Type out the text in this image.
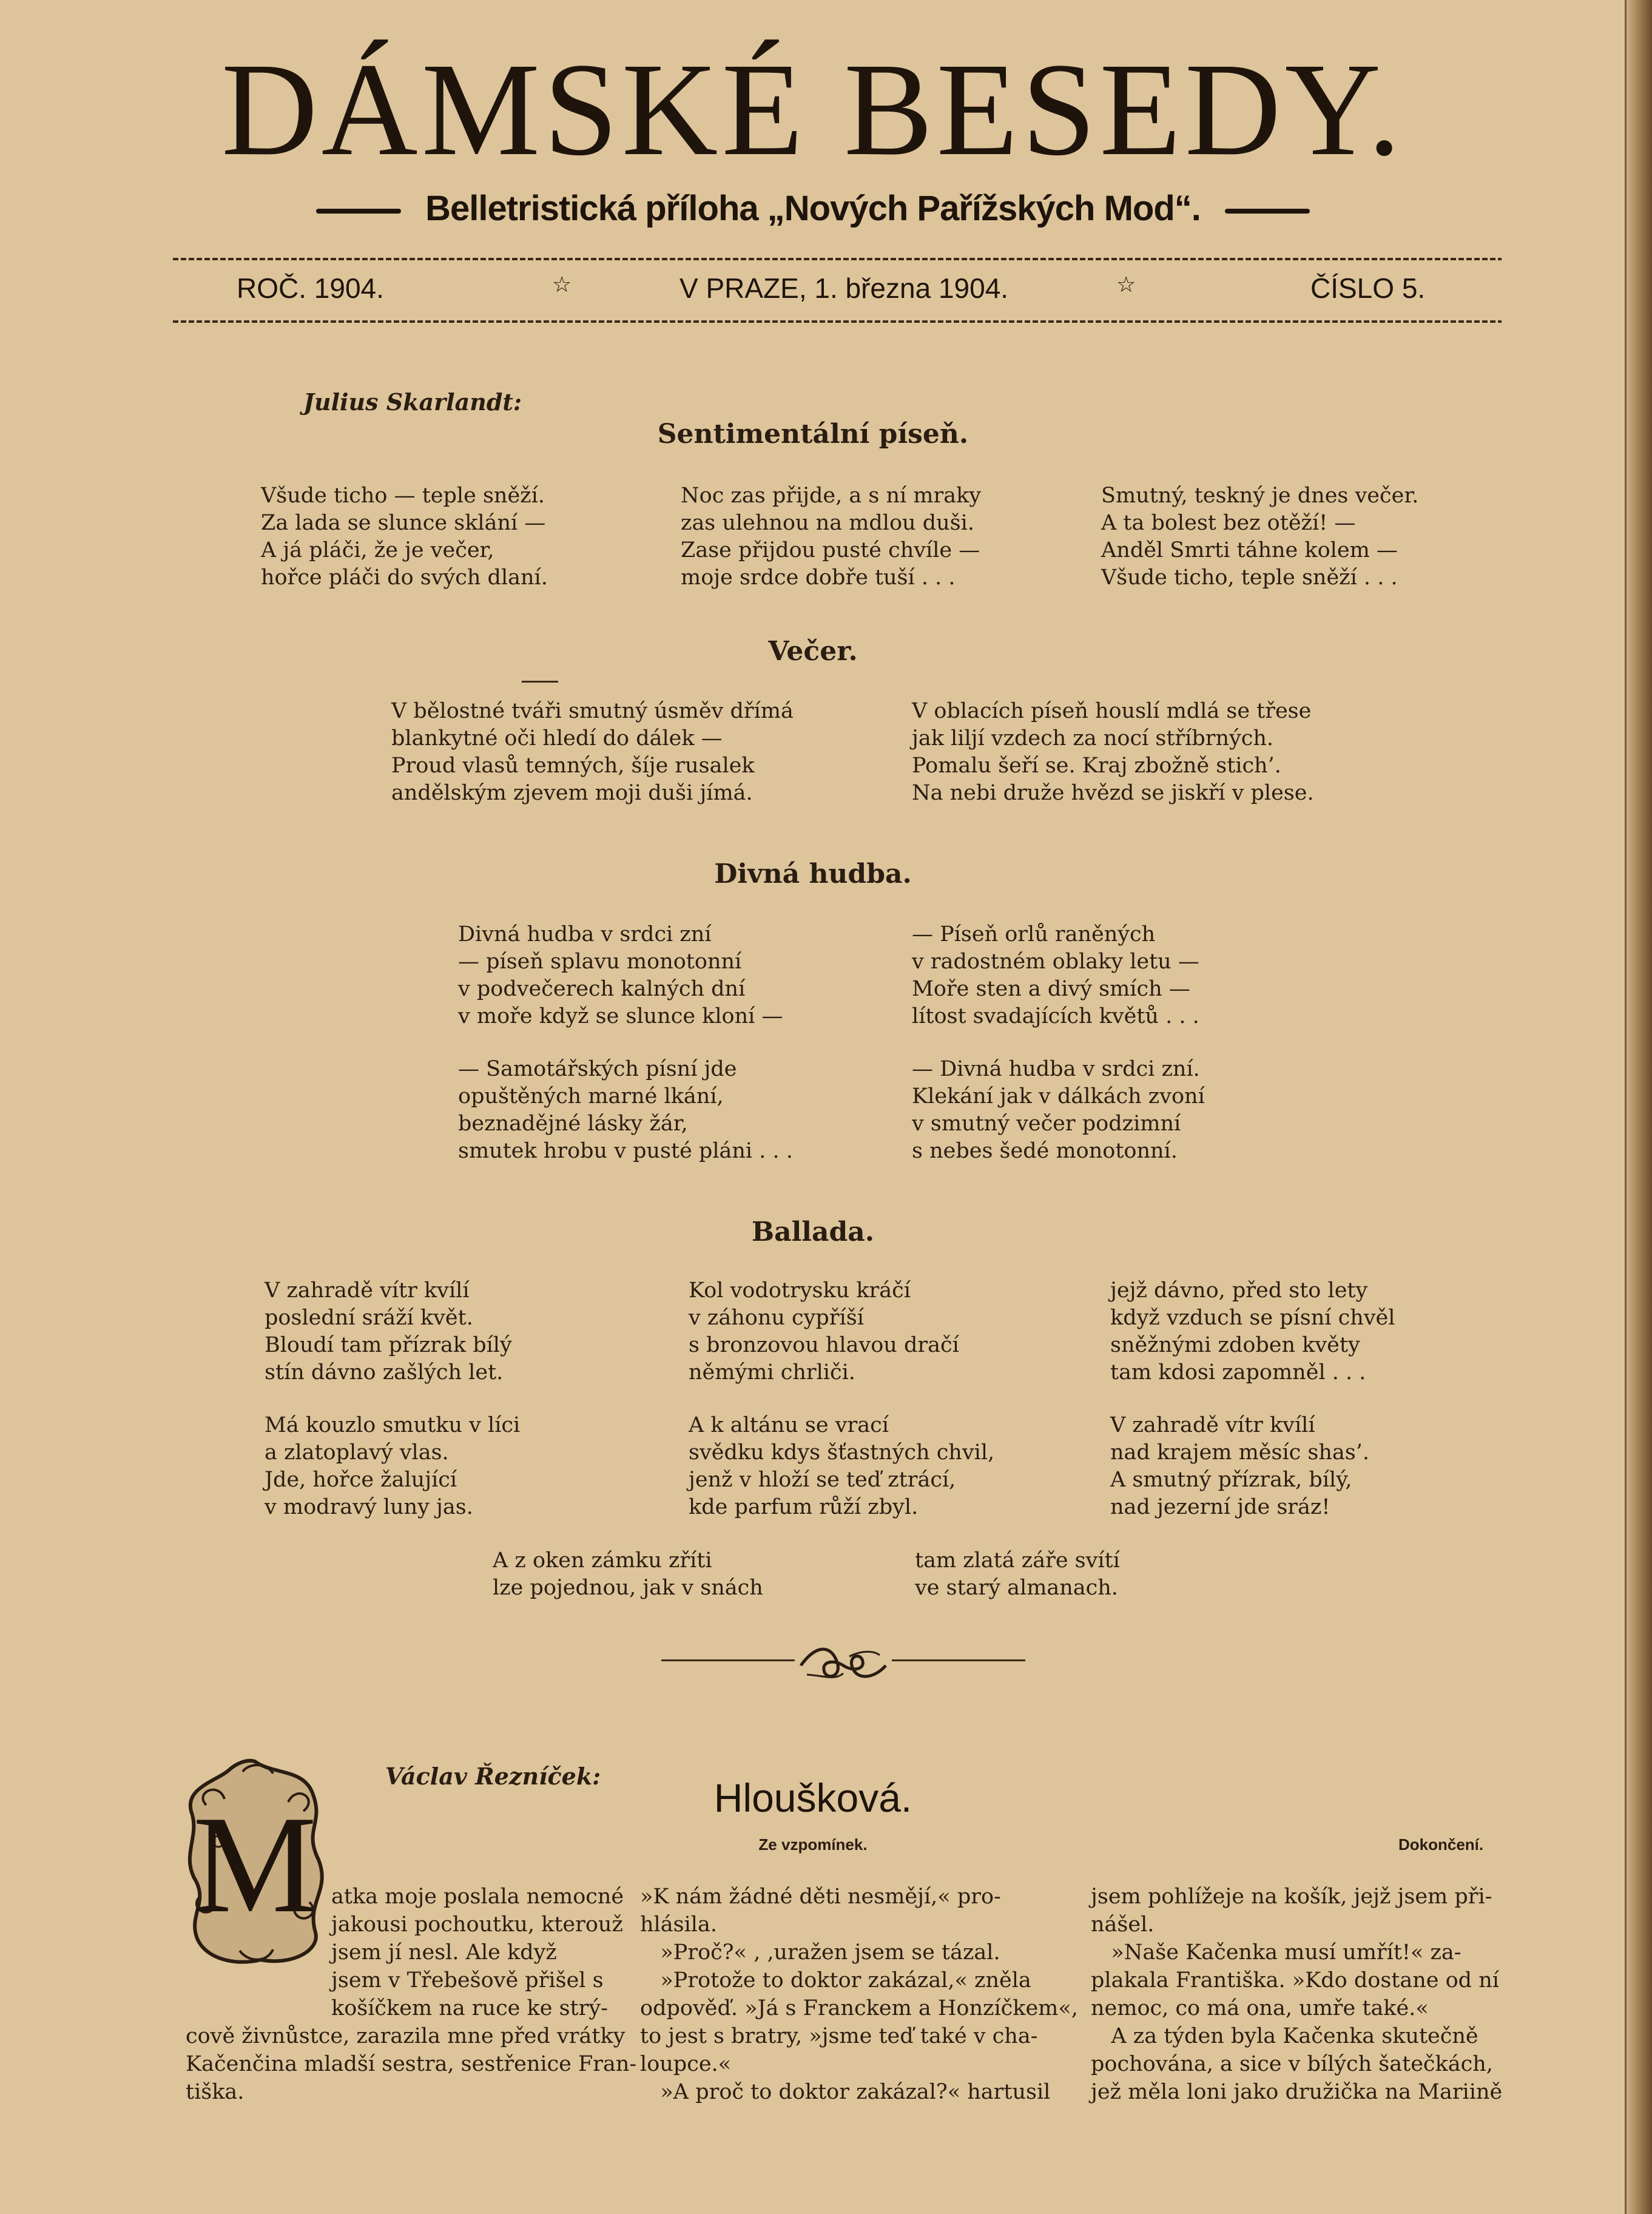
DÁMSKÉ BESEDY.
Belletristická příloha „Nových Pařížských Mod“.
ROČ. 1904.	☆	V PRAZE, 1. března 1904.	☆	ČÍSLO 5.
Julius Skarlandt:
Sentimentální píseň.
Všude ticho — teple sněží.
Za lada se slunce sklání —
A já pláči, že je večer,
hořce pláči do svých dlaní.
Noc zas přijde, a s ní mraky
zas ulehnou na mdlou duši.
Zase přijdou pusté chvíle —
moje srdce dobře tuší . . .
Smutný, teskný je dnes večer.
A ta bolest bez otěží! —
Anděl Smrti táhne kolem —
Všude ticho, teple sněží . . .
Večer.
V bělostné tváři smutný úsměv dřímá
blankytné oči hledí do dálek —
Proud vlasů temných, šíje rusalek
andělským zjevem moji duši jímá.
V oblacích píseň houslí mdlá se třese
jak liljí vzdech za nocí stříbrných.
Pomalu šeří se. Kraj zbožně stich’.
Na nebi druže hvězd se jiskří v plese.
Divná hudba.
Divná hudba v srdci zní
— píseň splavu monotonní
v podvečerech kalných dní
v moře když se slunce kloní —
— Píseň orlů raněných
v radostném oblaky letu —
Moře sten a divý smích —
lítost svadajících květů . . .
— Samotářských písní jde
opuštěných marné lkání,
beznadějné lásky žár,
smutek hrobu v pusté pláni . . .
— Divná hudba v srdci zní.
Klekání jak v dálkách zvoní
v smutný večer podzimní
s nebes šedé monotonní.
Ballada.
V zahradě vítr kvílí
poslední sráží květ.
Bloudí tam přízrak bílý
stín dávno zašlých let.
Kol vodotrysku kráčí
v záhonu cypříší
s bronzovou hlavou dračí
němými chrliči.
jejž dávno, před sto lety
když vzduch se písní chvěl
sněžnými zdoben květy
tam kdosi zapomněl . . .
Má kouzlo smutku v líci
a zlatoplavý vlas.
Jde, hořce žalující
v modravý luny jas.
A k altánu se vrací
svědku kdys šťastných chvil,
jenž v hloží se teď ztrácí,
kde parfum růží zbyl.
V zahradě vítr kvílí
nad krajem měsíc shas’.
A smutný přízrak, bílý,
nad jezerní jde sráz!
A z oken zámku zříti
lze pojednou, jak v snách
tam zlatá záře svítí
ve starý almanach.
Václav Řezníček:	Hloušková.
Ze vzpomínek.	Dokončení.
M atka moje poslala nemocné
jakousi pochoutku, kterouž
jsem jí nesl. Ale když
jsem v Třebešově přišel s
košíčkem na ruce ke strý-
cově živnůstce, zarazila mne před vrátky
Kačenčina mladší sestra, sestřenice Fran-
tiška.
»K nám žádné děti nesmějí,« pro-
hlásila.
»Proč?« ‚ ‚uražen jsem se tázal.
»Protože to doktor zakázal,« zněla
odpověď. »Já s Franckem a Honzíčkem«,
to jest s bratry, »jsme teď také v cha-
loupce.«
»A proč to doktor zakázal?« hartusil
jsem pohlížeje na košík, jejž jsem při-
nášel.
»Naše Kačenka musí umřít!« za-
plakala Františka. »Kdo dostane od ní
nemoc, co má ona, umře také.«
A za týden byla Kačenka skutečně
pochována, a sice v bílých šatečkách,
jež měla loni jako družička na Mariině
